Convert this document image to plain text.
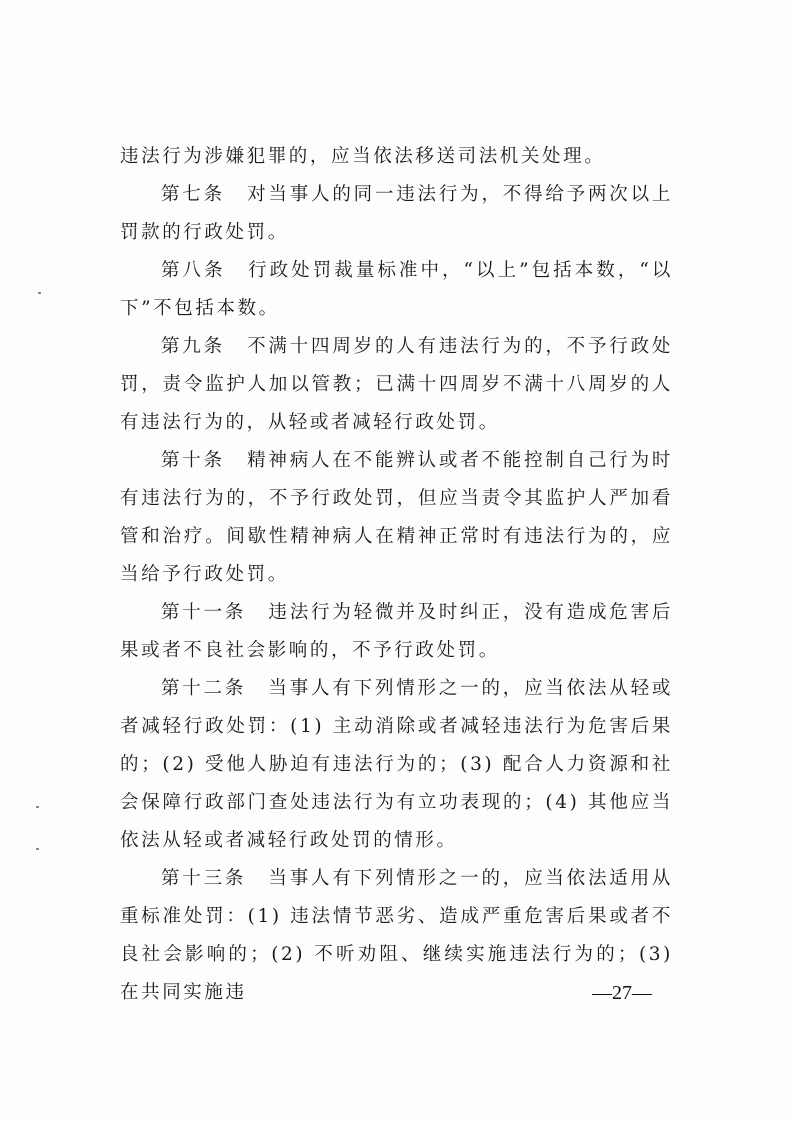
违法行为涉嫌犯罪的，应当依法移送司法机关处理。

第七条 对当事人的同一违法行为，不得给予两次以上罚款的行政处罚。

第八条 行政处罚裁量标准中，“以上”包括本数，“以下”不包括本数。

第九条 不满十四周岁的人有违法行为的，不予行政处罚，责令监护人加以管教；已满十四周岁不满十八周岁的人有违法行为的，从轻或者减轻行政处罚。

第十条 精神病人在不能辨认或者不能控制自己行为时有违法行为的，不予行政处罚，但应当责令其监护人严加看管和治疗。间歇性精神病人在精神正常时有违法行为的，应当给予行政处罚。

第十一条 违法行为轻微并及时纠正，没有造成危害后果或者不良社会影响的，不予行政处罚。

第十二条 当事人有下列情形之一的，应当依法从轻或者减轻行政处罚：(1) 主动消除或者减轻违法行为危害后果的；(2) 受他人胁迫有违法行为的；(3) 配合人力资源和社会保障行政部门查处违法行为有立功表现的；(4) 其他应当依法从轻或者减轻行政处罚的情形。

第十三条 当事人有下列情形之一的，应当依法适用从重标准处罚：(1) 违法情节恶劣、造成严重危害后果或者不良社会影响的；(2) 不听劝阻、继续实施违法行为的；(3) 在共同实施违	—27—
